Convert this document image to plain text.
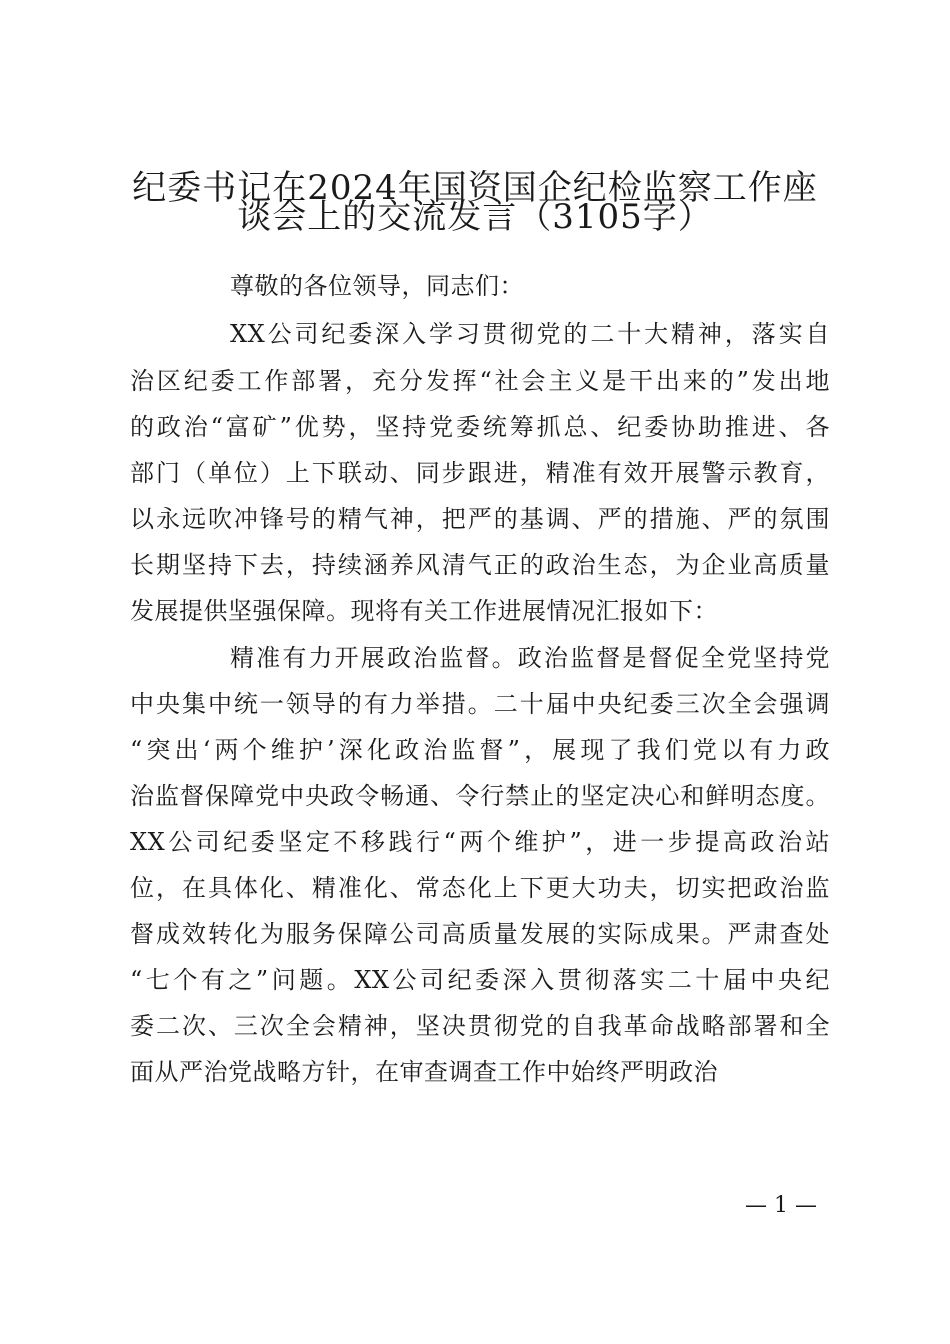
纪委书记在2024年国资国企纪检监察工作座
谈会上的交流发言（3105字）
尊敬的各位领导，同志们：
XX公司纪委深入学习贯彻党的二十大精神，落实自
治区纪委工作部署，充分发挥“社会主义是干出来的”发出地
的政治“富矿”优势，坚持党委统筹抓总、纪委协助推进、各
部门（单位）上下联动、同步跟进，精准有效开展警示教育，
以永远吹冲锋号的精气神，把严的基调、严的措施、严的氛围
长期坚持下去，持续涵养风清气正的政治生态，为企业高质量
发展提供坚强保障。现将有关工作进展情况汇报如下：
精准有力开展政治监督。政治监督是督促全党坚持党
中央集中统一领导的有力举措。二十届中央纪委三次全会强调
“突出‘两个维护’深化政治监督”，展现了我们党以有力政
治监督保障党中央政令畅通、令行禁止的坚定决心和鲜明态度。
XX公司纪委坚定不移践行“两个维护”，进一步提高政治站
位，在具体化、精准化、常态化上下更大功夫，切实把政治监
督成效转化为服务保障公司高质量发展的实际成果。严肃查处
“七个有之”问题。XX公司纪委深入贯彻落实二十届中央纪
委二次、三次全会精神，坚决贯彻党的自我革命战略部署和全
面从严治党战略方针，在审查调查工作中始终严明政治
— 1 —
